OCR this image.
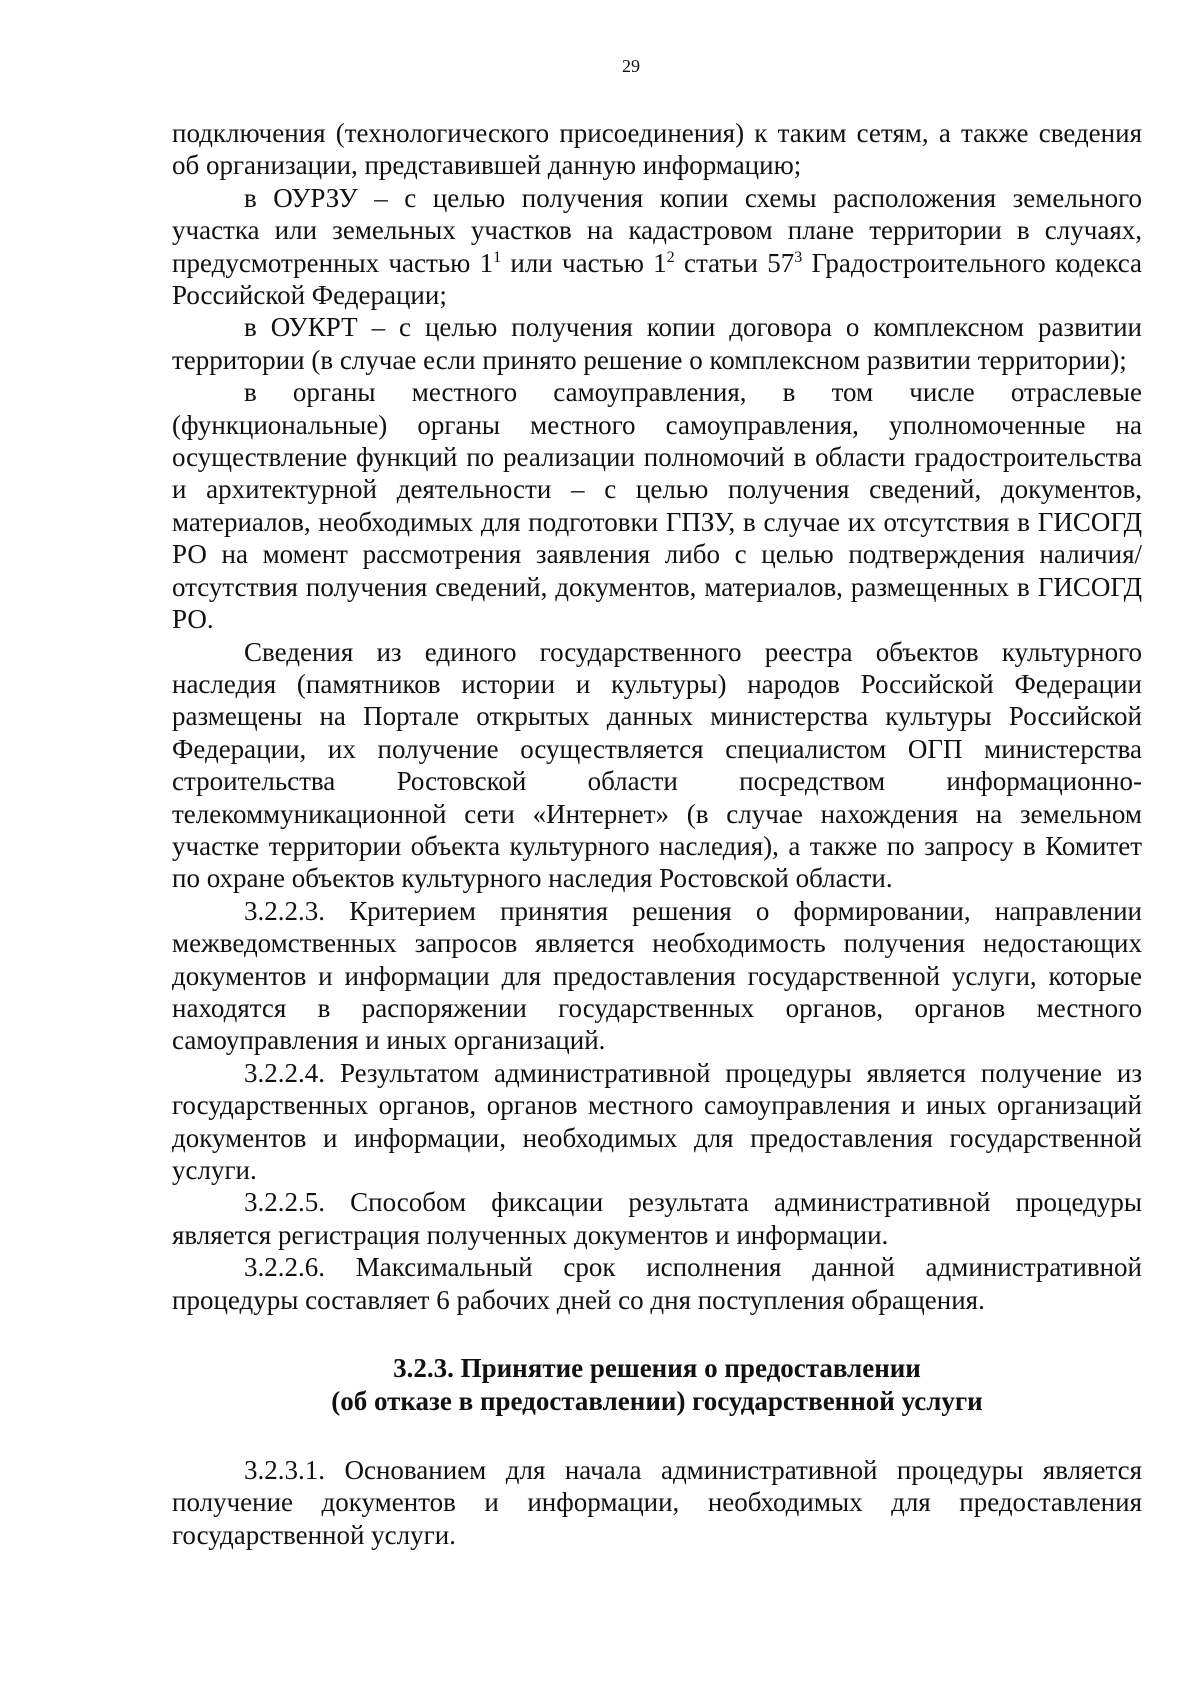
29

подключения (технологического присоединения) к таким сетям, а также сведения об организации, представившей данную информацию;

в ОУРЗУ – с целью получения копии схемы расположения земельного участка или земельных участков на кадастровом плане территории в случаях, предусмотренных частью $1^1$ или частью $1^2$ статьи $57^3$ Градостроительного кодекса Российской Федерации;

в ОУКРТ – с целью получения копии договора о комплексном развитии территории (в случае если принято решение о комплексном развитии территории);

в органы местного самоуправления, в том числе отраслевые (функциональные) органы местного самоуправления, уполномоченные на осуществление функций по реализации полномочий в области градостроительства и архитектурной деятельности – с целью получения сведений, документов, материалов, необходимых для подготовки ГПЗУ, в случае их отсутствия в ГИСОГД РО на момент рассмотрения заявления либо с целью подтверждения наличия/отсутствия получения сведений, документов, материалов, размещенных в ГИСОГД РО.

Сведения из единого государственного реестра объектов культурного наследия (памятников истории и культуры) народов Российской Федерации размещены на Портале открытых данных министерства культуры Российской Федерации, их получение осуществляется специалистом ОГП министерства строительства Ростовской области посредством информационно-телекоммуникационной сети «Интернет» (в случае нахождения на земельном участке территории объекта культурного наследия), а также по запросу в Комитет по охране объектов культурного наследия Ростовской области.

3.2.2.3. Критерием принятия решения о формировании, направлении межведомственных запросов является необходимость получения недостающих документов и информации для предоставления государственной услуги, которые находятся в распоряжении государственных органов, органов местного самоуправления и иных организаций.

3.2.2.4. Результатом административной процедуры является получение из государственных органов, органов местного самоуправления и иных организаций документов и информации, необходимых для предоставления государственной услуги.

3.2.2.5. Способом фиксации результата административной процедуры является регистрация полученных документов и информации.

3.2.2.6. Максимальный срок исполнения данной административной процедуры составляет 6 рабочих дней со дня поступления обращения.

3.2.3. Принятие решения о предоставлении
(об отказе в предоставлении) государственной услуги

3.2.3.1. Основанием для начала административной процедуры является получение документов и информации, необходимых для предоставления государственной услуги.
